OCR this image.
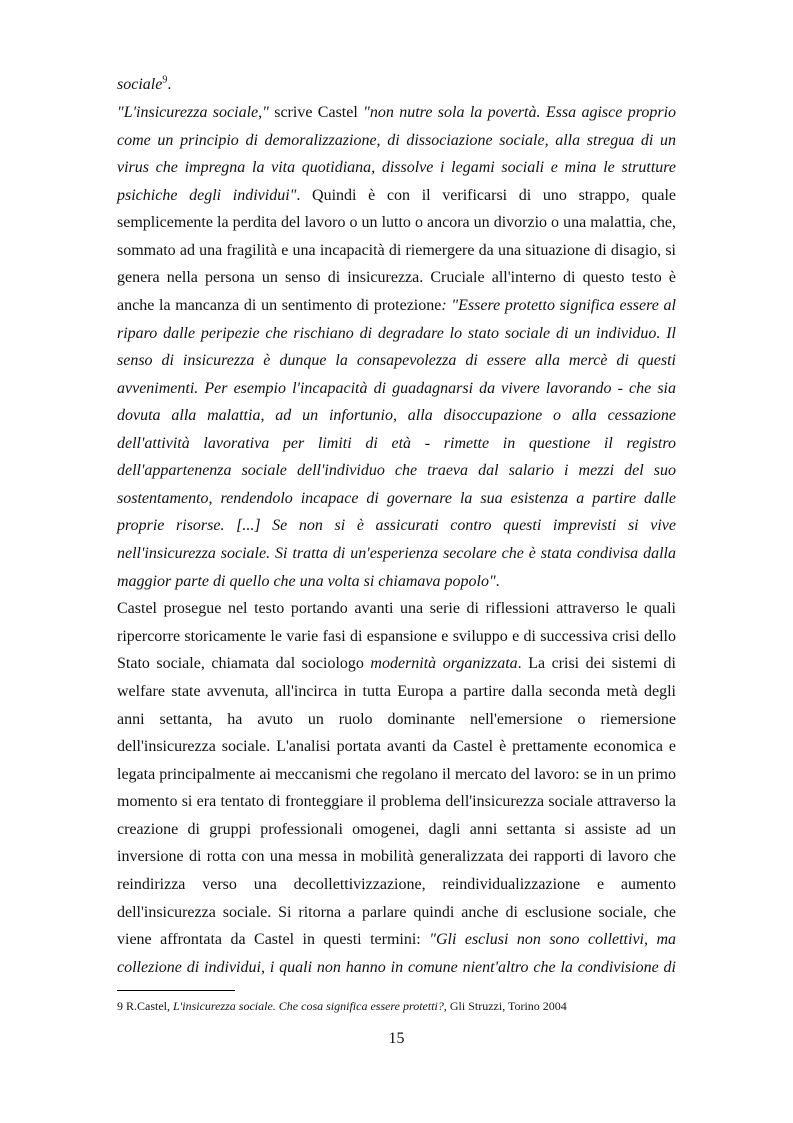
sociale$^9$.
"L'insicurezza sociale," scrive Castel "non nutre sola la povertà. Essa agisce proprio
come un principio di demoralizzazione, di dissociazione sociale, alla stregua di un
virus che impregna la vita quotidiana, dissolve i legami sociali e mina le strutture
psichiche degli individui". Quindi è con il verificarsi di uno strappo, quale
semplicemente la perdita del lavoro o un lutto o ancora un divorzio o una malattia, che,
sommato ad una fragilità e una incapacità di riemergere da una situazione di disagio, si
genera nella persona un senso di insicurezza. Cruciale all'interno di questo testo è
anche la mancanza di un sentimento di protezione: "Essere protetto significa essere al
riparo dalle peripezie che rischiano di degradare lo stato sociale di un individuo. Il
senso di insicurezza è dunque la consapevolezza di essere alla mercè di questi
avvenimenti. Per esempio l'incapacità di guadagnarsi da vivere lavorando - che sia
dovuta alla malattia, ad un infortunio, alla disoccupazione o alla cessazione
dell'attività lavorativa per limiti di età - rimette in questione il registro
dell'appartenenza sociale dell'individuo che traeva dal salario i mezzi del suo
sostentamento, rendendolo incapace di governare la sua esistenza a partire dalle
proprie risorse. [...] Se non si è assicurati contro questi imprevisti si vive
nell'insicurezza sociale. Si tratta di un'esperienza secolare che è stata condivisa dalla
maggior parte di quello che una volta si chiamava popolo".
Castel prosegue nel testo portando avanti una serie di riflessioni attraverso le quali
ripercorre storicamente le varie fasi di espansione e sviluppo e di successiva crisi dello
Stato sociale, chiamata dal sociologo modernità organizzata. La crisi dei sistemi di
welfare state avvenuta, all'incirca in tutta Europa a partire dalla seconda metà degli
anni settanta, ha avuto un ruolo dominante nell'emersione o riemersione
dell'insicurezza sociale. L'analisi portata avanti da Castel è prettamente economica e
legata principalmente ai meccanismi che regolano il mercato del lavoro: se in un primo
momento si era tentato di fronteggiare il problema dell'insicurezza sociale attraverso la
creazione di gruppi professionali omogenei, dagli anni settanta si assiste ad un
inversione di rotta con una messa in mobilità generalizzata dei rapporti di lavoro che
reindirizza verso una decollettivizzazione, reindividualizzazione e aumento
dell'insicurezza sociale. Si ritorna a parlare quindi anche di esclusione sociale, che
viene affrontata da Castel in questi termini: "Gli esclusi non sono collettivi, ma
collezione di individui, i quali non hanno in comune nient'altro che la condivisione di
9 R.Castel, L'insicurezza sociale. Che cosa significa essere protetti?, Gli Struzzi, Torino 2004
15
